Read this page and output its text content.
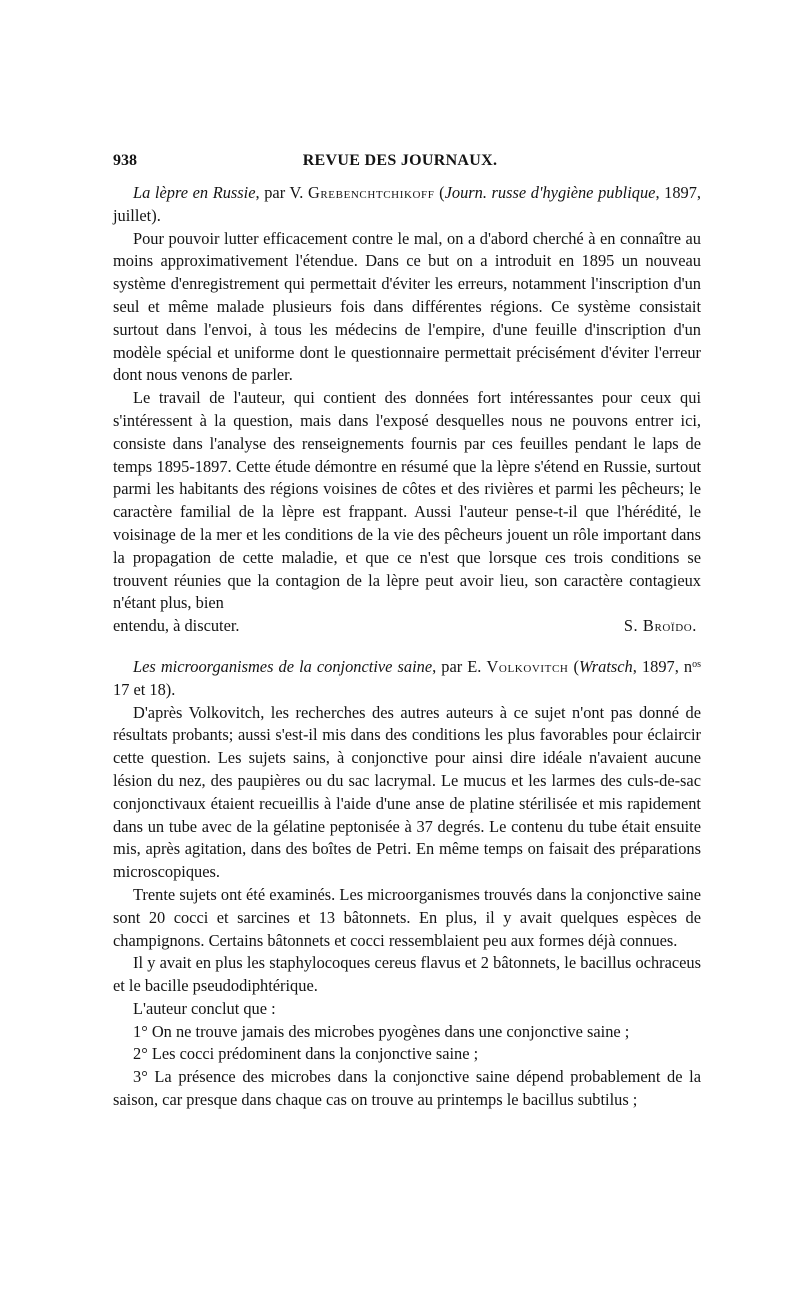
938	REVUE DES JOURNAUX.

La lèpre en Russie, par V. Grebenchtchikoff (Journ. russe d'hygiène publique, 1897, juillet).

Pour pouvoir lutter efficacement contre le mal, on a d'abord cherché à en connaître au moins approximativement l'étendue. Dans ce but on a introduit en 1895 un nouveau système d'enregistrement qui permettait d'éviter les erreurs, notamment l'inscription d'un seul et même malade plusieurs fois dans différentes régions. Ce système consistait surtout dans l'envoi, à tous les médecins de l'empire, d'une feuille d'inscription d'un modèle spécial et uniforme dont le questionnaire permettait précisément d'éviter l'erreur dont nous venons de parler.

Le travail de l'auteur, qui contient des données fort intéressantes pour ceux qui s'intéressent à la question, mais dans l'exposé desquelles nous ne pouvons entrer ici, consiste dans l'analyse des renseignements fournis par ces feuilles pendant le laps de temps 1895-1897. Cette étude démontre en résumé que la lèpre s'étend en Russie, surtout parmi les habitants des régions voisines de côtes et des rivières et parmi les pêcheurs; le caractère familial de la lèpre est frappant. Aussi l'auteur pense-t-il que l'hérédité, le voisinage de la mer et les conditions de la vie des pêcheurs jouent un rôle important dans la propagation de cette maladie, et que ce n'est que lorsque ces trois conditions se trouvent réunies que la contagion de la lèpre peut avoir lieu, son caractère contagieux n'étant plus, bien

entendu, à discuter.	S. Broïdo.

Les microorganismes de la conjonctive saine, par E. Volkovitch (Wratsch, 1897, $n^{os}$ 17 et 18).

D'après Volkovitch, les recherches des autres auteurs à ce sujet n'ont pas donné de résultats probants; aussi s'est-il mis dans des conditions les plus favorables pour éclaircir cette question. Les sujets sains, à conjonctive pour ainsi dire idéale n'avaient aucune lésion du nez, des paupières ou du sac lacrymal. Le mucus et les larmes des culs-de-sac conjonctivaux étaient recueillis à l'aide d'une anse de platine stérilisée et mis rapidement dans un tube avec de la gélatine peptonisée à 37 degrés. Le contenu du tube était ensuite mis, après agitation, dans des boîtes de Petri. En même temps on faisait des préparations microscopiques.

Trente sujets ont été examinés. Les microorganismes trouvés dans la conjonctive saine sont 20 cocci et sarcines et 13 bâtonnets. En plus, il y avait quelques espèces de champignons. Certains bâtonnets et cocci ressemblaient peu aux formes déjà connues.

Il y avait en plus les staphylocoques cereus flavus et 2 bâtonnets, le bacillus ochraceus et le bacille pseudodiphtérique.

L'auteur conclut que :

1° On ne trouve jamais des microbes pyogènes dans une conjonctive saine ;

2° Les cocci prédominent dans la conjonctive saine ;

3° La présence des microbes dans la conjonctive saine dépend probablement de la saison, car presque dans chaque cas on trouve au printemps le bacillus subtilus ;
